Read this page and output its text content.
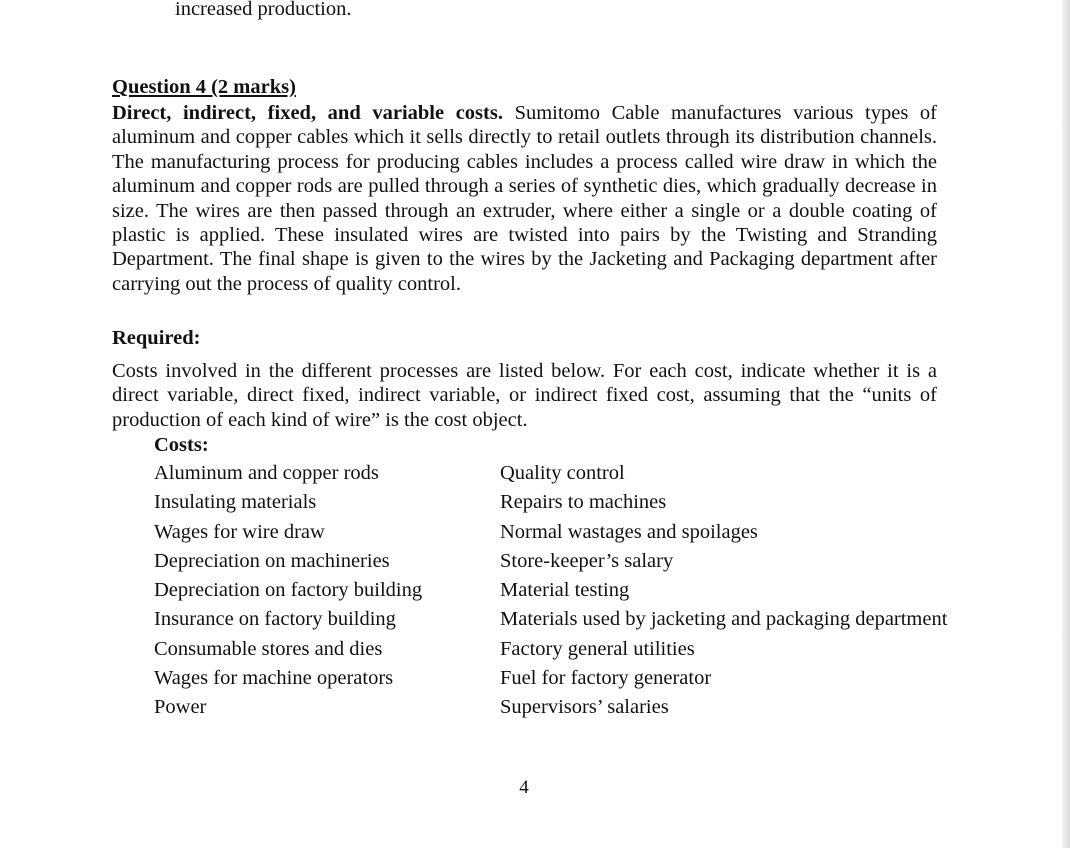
increased production.
Question 4 (2 marks)

Direct, indirect, fixed, and variable costs. Sumitomo Cable manufactures various types of aluminum and copper cables which it sells directly to retail outlets through its distribution channels. The manufacturing process for producing cables includes a process called wire draw in which the aluminum and copper rods are pulled through a series of synthetic dies, which gradually decrease in size. The wires are then passed through an extruder, where either a single or a double coating of plastic is applied. These insulated wires are twisted into pairs by the Twisting and Stranding Department. The final shape is given to the wires by the Jacketing and Packaging department after carrying out the process of quality control.

Required:

Costs involved in the different processes are listed below. For each cost, indicate whether it is a direct variable, direct fixed, indirect variable, or indirect fixed cost, assuming that the “units of production of each kind of wire” is the cost object.

Costs:
Aluminum and copper rods
Insulating materials
Wages for wire draw
Depreciation on machineries
Depreciation on factory building
Insurance on factory building
Consumable stores and dies
Wages for machine operators
Power
Quality control
Repairs to machines
Normal wastages and spoilages
Store-keeper’s salary
Material testing
Materials used by jacketing and packaging department
Factory general utilities
Fuel for factory generator
Supervisors’ salaries
4
